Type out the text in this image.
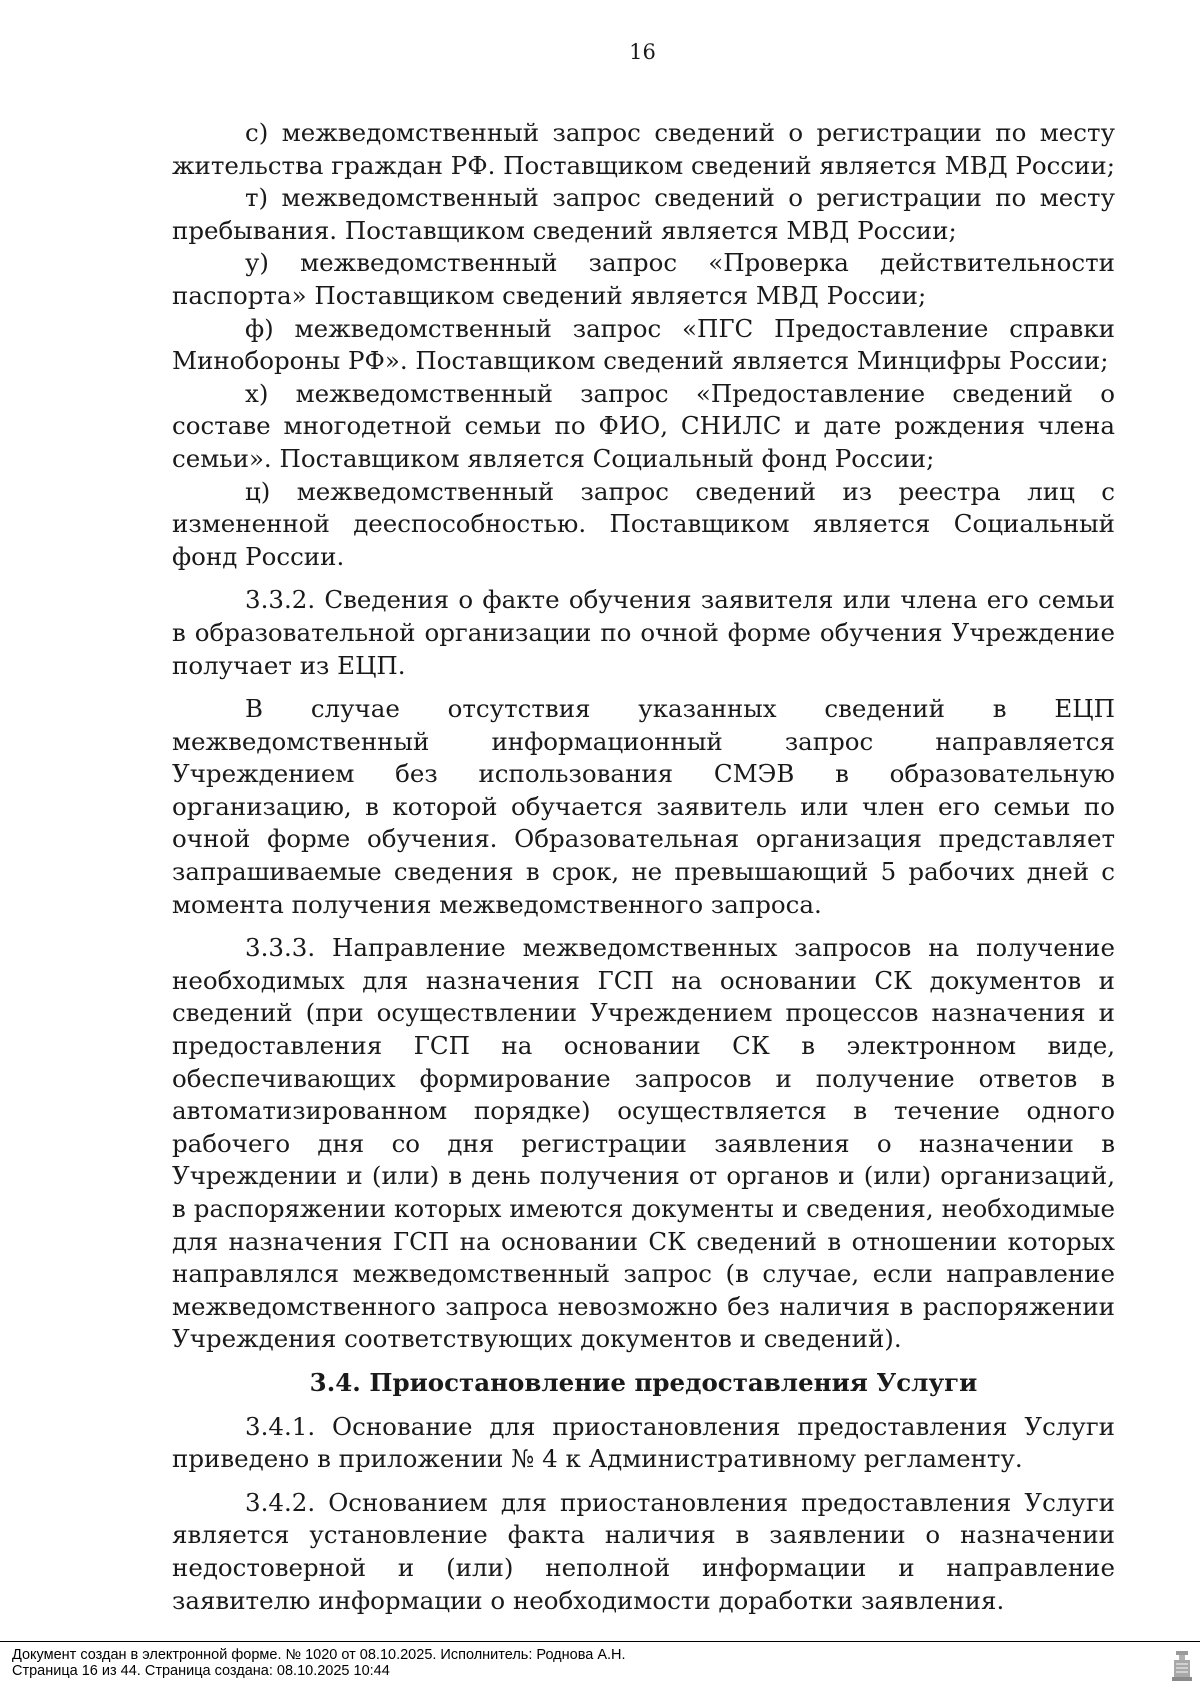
16

с) межведомственный запрос сведений о регистрации по месту жительства граждан РФ. Поставщиком сведений является МВД России;

т) межведомственный запрос сведений о регистрации по месту пребывания. Поставщиком сведений является МВД России;

у) межведомственный запрос «Проверка действительности паспорта» Поставщиком сведений является МВД России;

ф) межведомственный запрос «ПГС Предоставление справки Минобороны РФ». Поставщиком сведений является Минцифры России;

х) межведомственный запрос «Предоставление сведений о составе многодетной семьи по ФИО, СНИЛС и дате рождения члена семьи». Поставщиком является Социальный фонд России;

ц) межведомственный запрос сведений из реестра лиц с измененной дееспособностью. Поставщиком является Социальный фонд России.

3.3.2. Сведения о факте обучения заявителя или члена его семьи в образовательной организации по очной форме обучения Учреждение получает из ЕЦП.

В случае отсутствия указанных сведений в ЕЦП межведомственный информационный запрос направляется Учреждением без использования СМЭВ в образовательную организацию, в которой обучается заявитель или член его семьи по очной форме обучения. Образовательная организация представляет запрашиваемые сведения в срок, не превышающий 5 рабочих дней с момента получения межведомственного запроса.

3.3.3. Направление межведомственных запросов на получение необходимых для назначения ГСП на основании СК документов и сведений (при осуществлении Учреждением процессов назначения и предоставления ГСП на основании СК в электронном виде, обеспечивающих формирование запросов и получение ответов в автоматизированном порядке) осуществляется в течение одного рабочего дня со дня регистрации заявления о назначении в Учреждении и (или) в день получения от органов и (или) организаций, в распоряжении которых имеются документы и сведения, необходимые для назначения ГСП на основании СК сведений в отношении которых направлялся межведомственный запрос (в случае, если направление межведомственного запроса невозможно без наличия в распоряжении Учреждения соответствующих документов и сведений).

3.4. Приостановление предоставления Услуги

3.4.1. Основание для приостановления предоставления Услуги приведено в приложении № 4 к Административному регламенту.

3.4.2. Основанием для приостановления предоставления Услуги является установление факта наличия в заявлении о назначении недостоверной и (или) неполной информации и направление заявителю информации о необходимости доработки заявления.

Документ создан в электронной форме. № 1020 от 08.10.2025. Исполнитель: Роднова А.Н.
Страница 16 из 44. Страница создана: 08.10.2025 10:44
